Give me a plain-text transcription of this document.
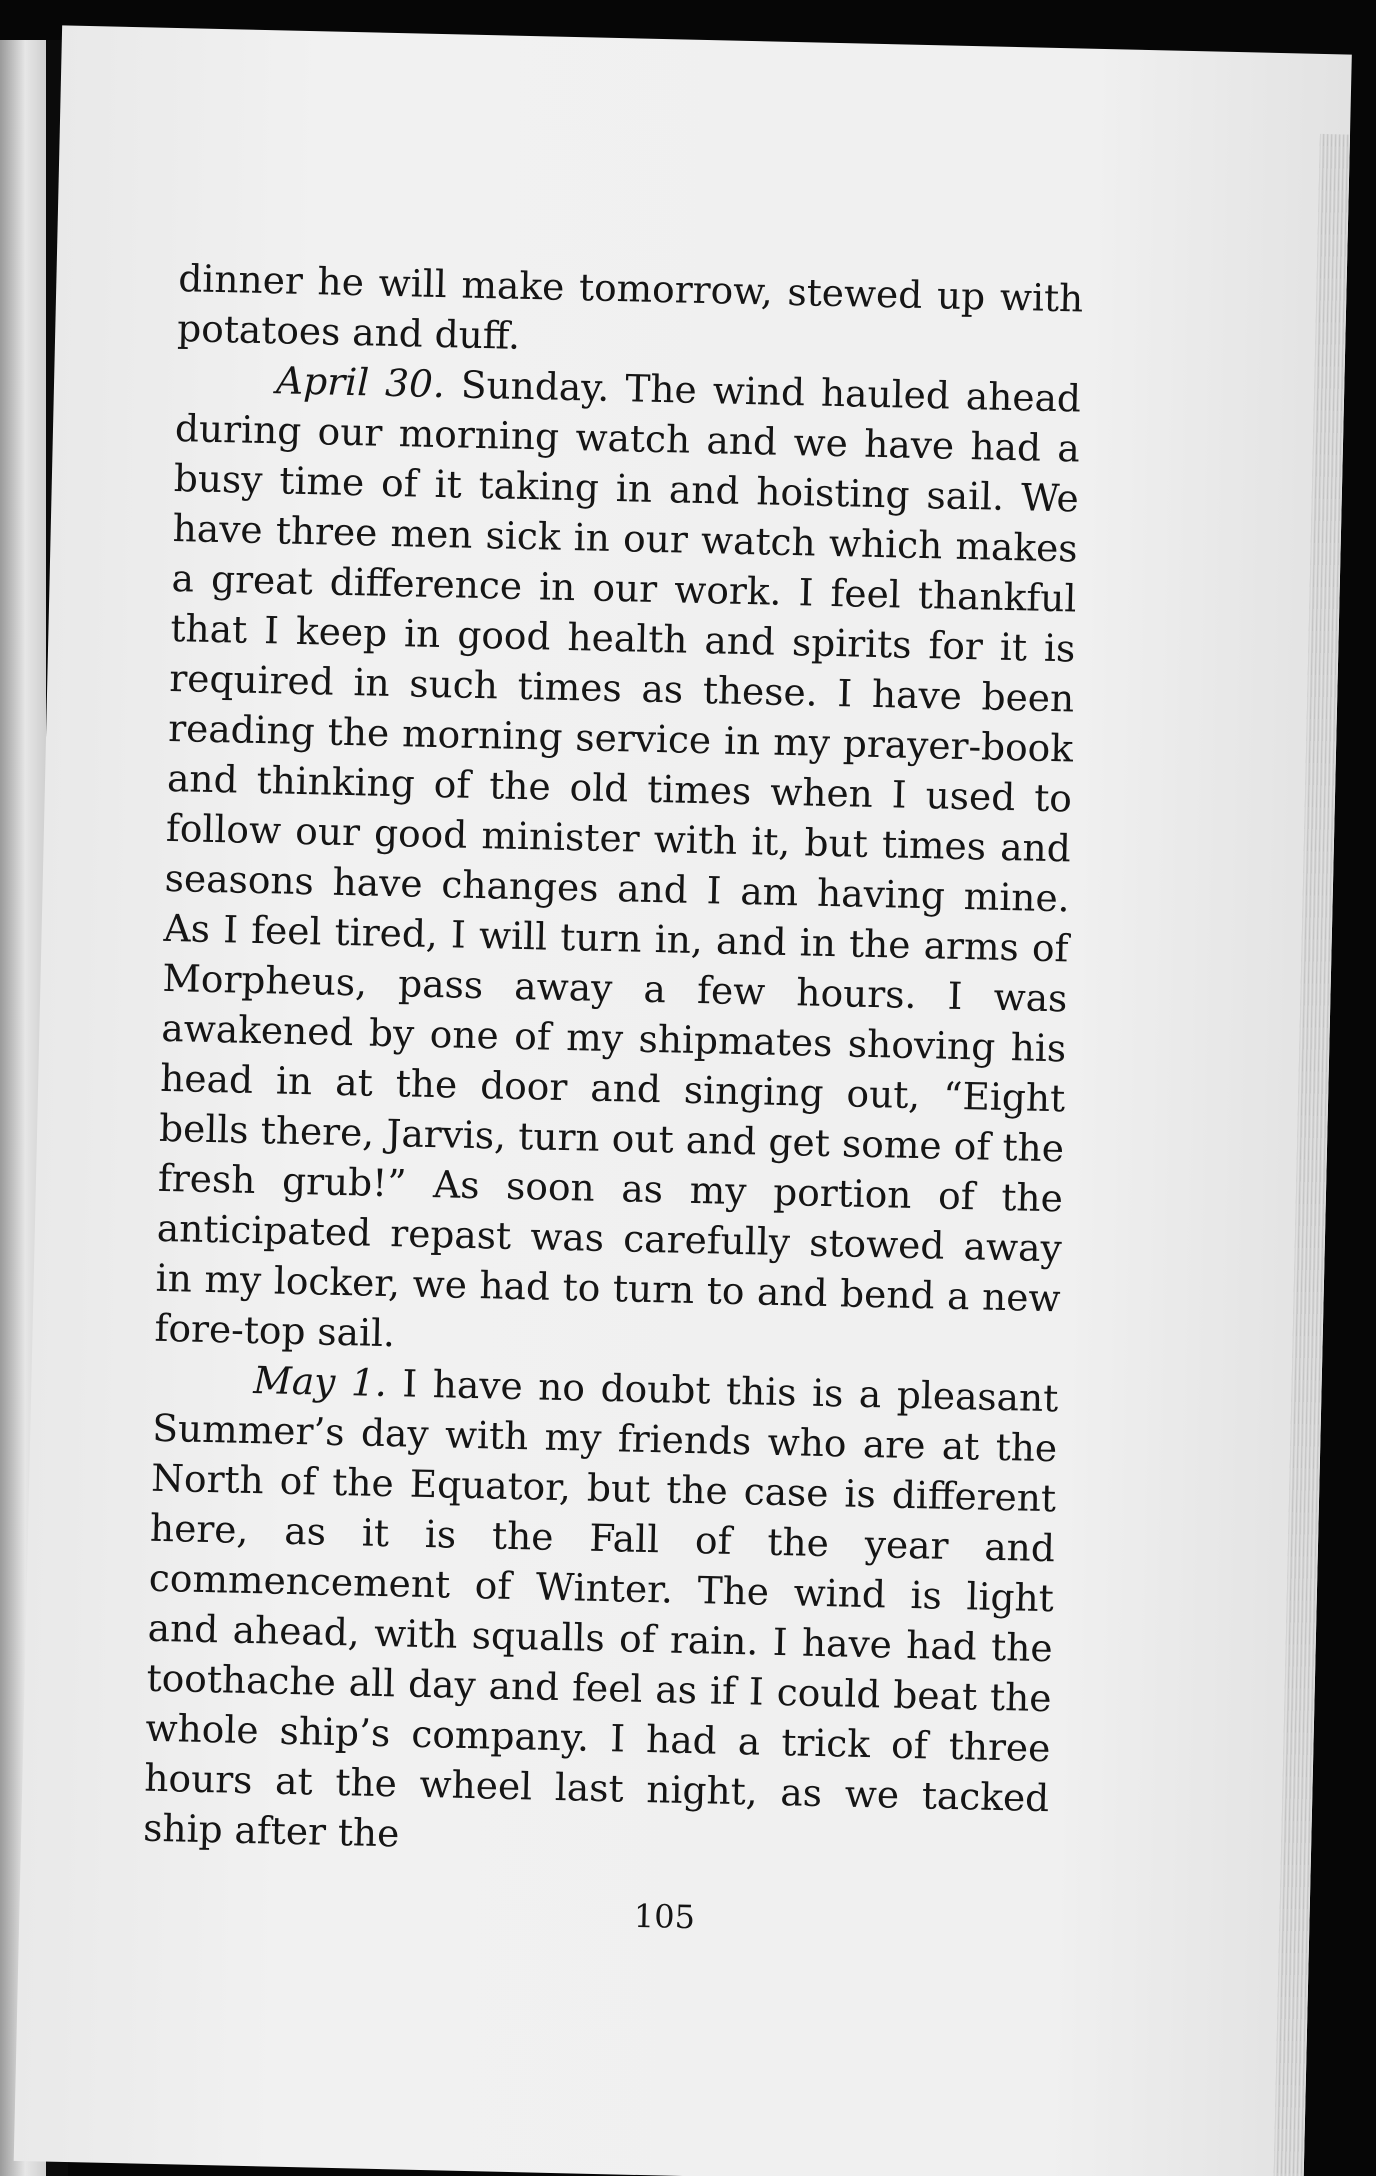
dinner he will make tomorrow, stewed up with potatoes and duff.

April 30. Sunday. The wind hauled ahead during our morning watch and we have had a busy time of it taking in and hoisting sail. We have three men sick in our watch which makes a great difference in our work. I feel thankful that I keep in good health and spirits for it is required in such times as these. I have been reading the morning service in my prayer-book and thinking of the old times when I used to follow our good minister with it, but times and seasons have changes and I am having mine. As I feel tired, I will turn in, and in the arms of Morpheus, pass away a few hours. I was awakened by one of my shipmates shoving his head in at the door and singing out, “Eight bells there, Jarvis, turn out and get some of the fresh grub!” As soon as my portion of the anticipated repast was carefully stowed away in my locker, we had to turn to and bend a new fore-top sail.

May 1. I have no doubt this is a pleasant Summer’s day with my friends who are at the North of the Equator, but the case is different here, as it is the Fall of the year and commencement of Winter. The wind is light and ahead, with squalls of rain. I have had the toothache all day and feel as if I could beat the whole ship’s company. I had a trick of three hours at the wheel last night, as we tacked ship after the

105
